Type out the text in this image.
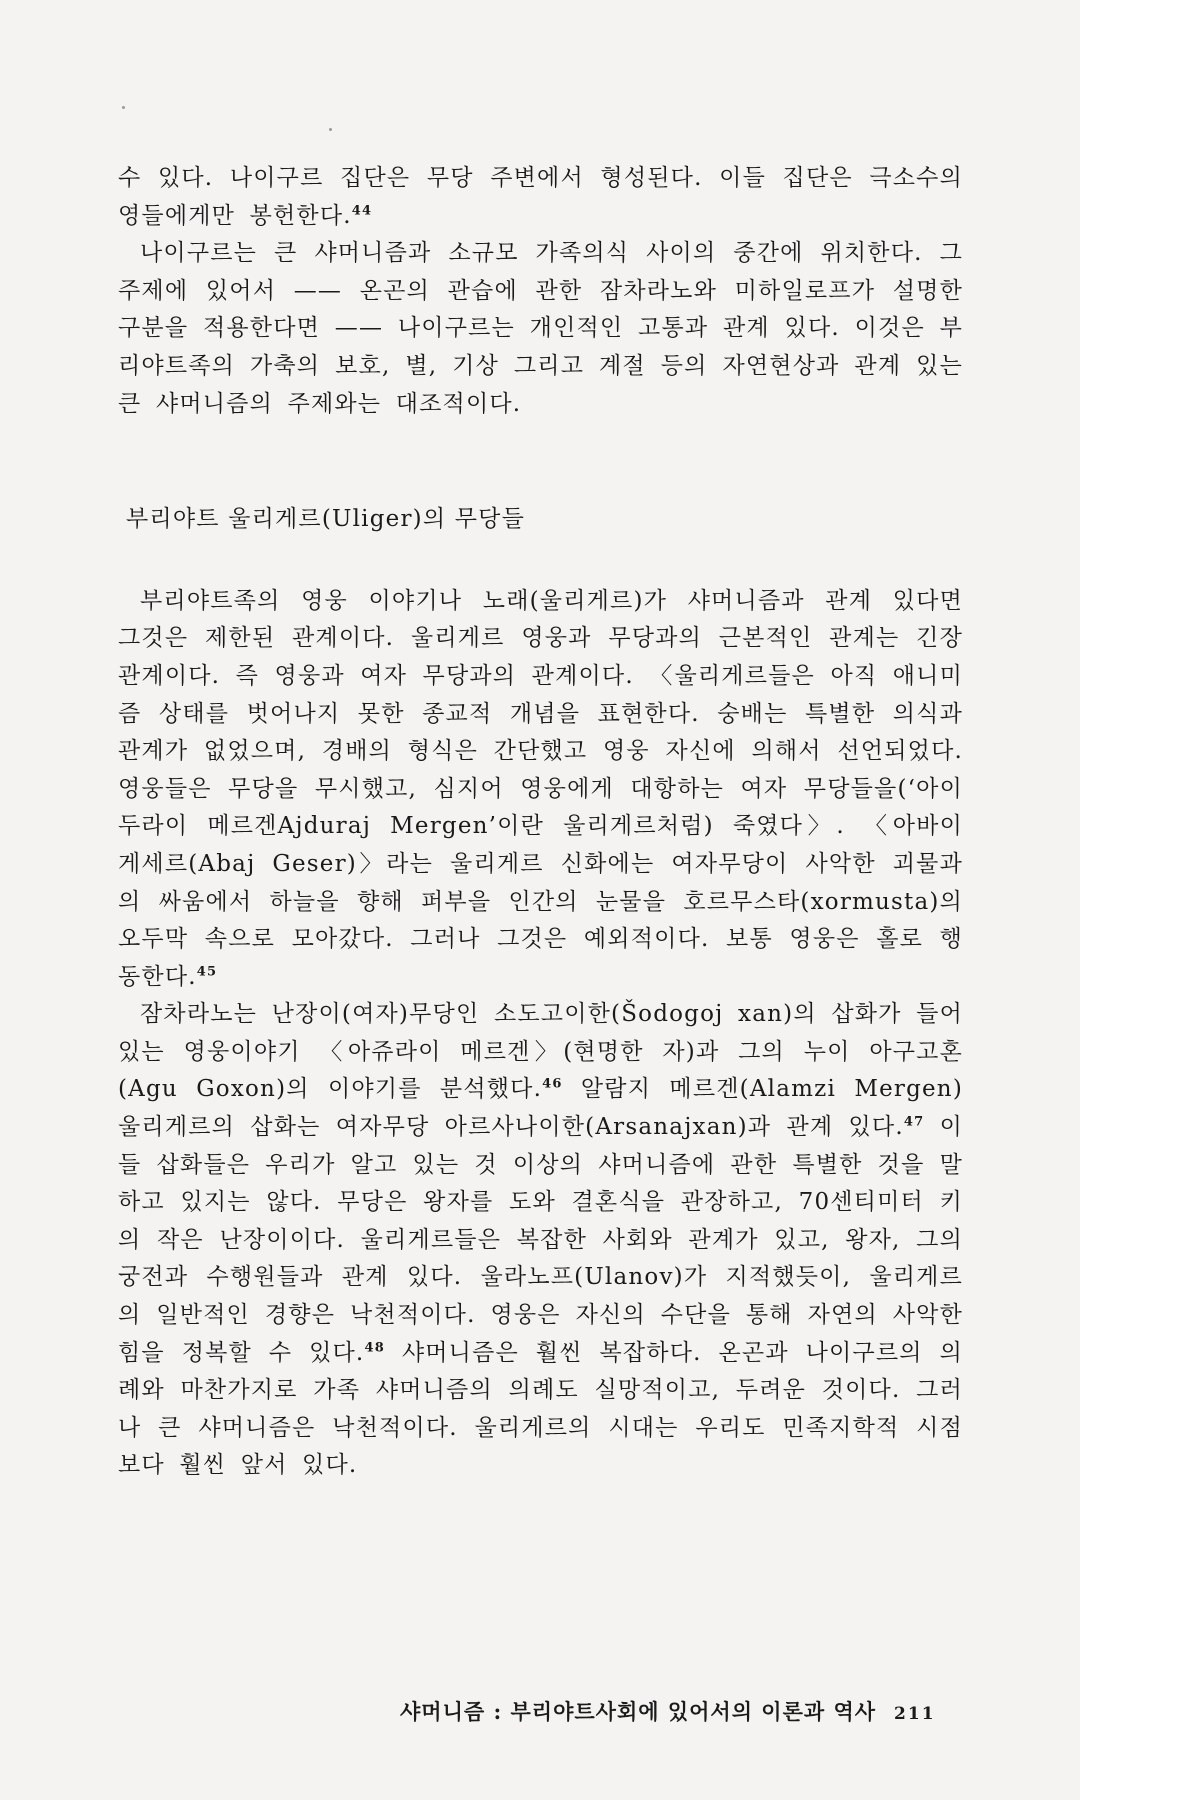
수 있다. 나이구르 집단은 무당 주변에서 형성된다. 이들 집단은 극소수의 영들에게만 봉헌한다.$^{44}$

나이구르는 큰 샤머니즘과 소규모 가족의식 사이의 중간에 위치한다. 그 주제에 있어서 —— 온곤의 관습에 관한 잠차라노와 미하일로프가 설명한 구분을 적용한다면 —— 나이구르는 개인적인 고통과 관계 있다. 이것은 부리야트족의 가축의 보호, 별, 기상 그리고 계절 등의 자연현상과 관계 있는 큰 샤머니즘의 주제와는 대조적이다.

부리야트 울리게르(Uliger)의 무당들

부리야트족의 영웅 이야기나 노래(울리게르)가 샤머니즘과 관계 있다면 그것은 제한된 관계이다. 울리게르 영웅과 무당과의 근본적인 관계는 긴장 관계이다. 즉 영웅과 여자 무당과의 관계이다. 〈울리게르들은 아직 애니미즘 상태를 벗어나지 못한 종교적 개념을 표현한다. 숭배는 특별한 의식과 관계가 없었으며, 경배의 형식은 간단했고 영웅 자신에 의해서 선언되었다. 영웅들은 무당을 무시했고, 심지어 영웅에게 대항하는 여자 무당들을(‘아이두라이 메르겐Ajduraj Mergen’이란 울리게르처럼) 죽였다〉. 〈아바이 게세르(Abaj Geser)〉라는 울리게르 신화에는 여자무당이 사악한 괴물과의 싸움에서 하늘을 향해 퍼부을 인간의 눈물을 호르무스타(xormusta)의 오두막 속으로 모아갔다. 그러나 그것은 예외적이다. 보통 영웅은 홀로 행동한다.$^{45}$

잠차라노는 난장이(여자)무당인 소도고이한(Šodogoj xan)의 삽화가 들어 있는 영웅이야기 〈아쥬라이 메르겐〉(현명한 자)과 그의 누이 아구고혼(Agu Goxon)의 이야기를 분석했다.$^{46}$ 알람지 메르겐(Alamzi Mergen)울리게르의 삽화는 여자무당 아르사나이한(Arsanajxan)과 관계 있다.$^{47}$ 이들 삽화들은 우리가 알고 있는 것 이상의 샤머니즘에 관한 특별한 것을 말하고 있지는 않다. 무당은 왕자를 도와 결혼식을 관장하고, 70센티미터 키의 작은 난장이이다. 울리게르들은 복잡한 사회와 관계가 있고, 왕자, 그의 궁전과 수행원들과 관계 있다. 울라노프(Ulanov)가 지적했듯이, 울리게르의 일반적인 경향은 낙천적이다. 영웅은 자신의 수단을 통해 자연의 사악한 힘을 정복할 수 있다.$^{48}$ 샤머니즘은 훨씬 복잡하다. 온곤과 나이구르의 의례와 마찬가지로 가족 샤머니즘의 의례도 실망적이고, 두려운 것이다. 그러나 큰 샤머니즘은 낙천적이다. 울리게르의 시대는 우리도 민족지학적 시점보다 훨씬 앞서 있다.

샤머니즘 : 부리야트사회에 있어서의 이론과 역사 211
